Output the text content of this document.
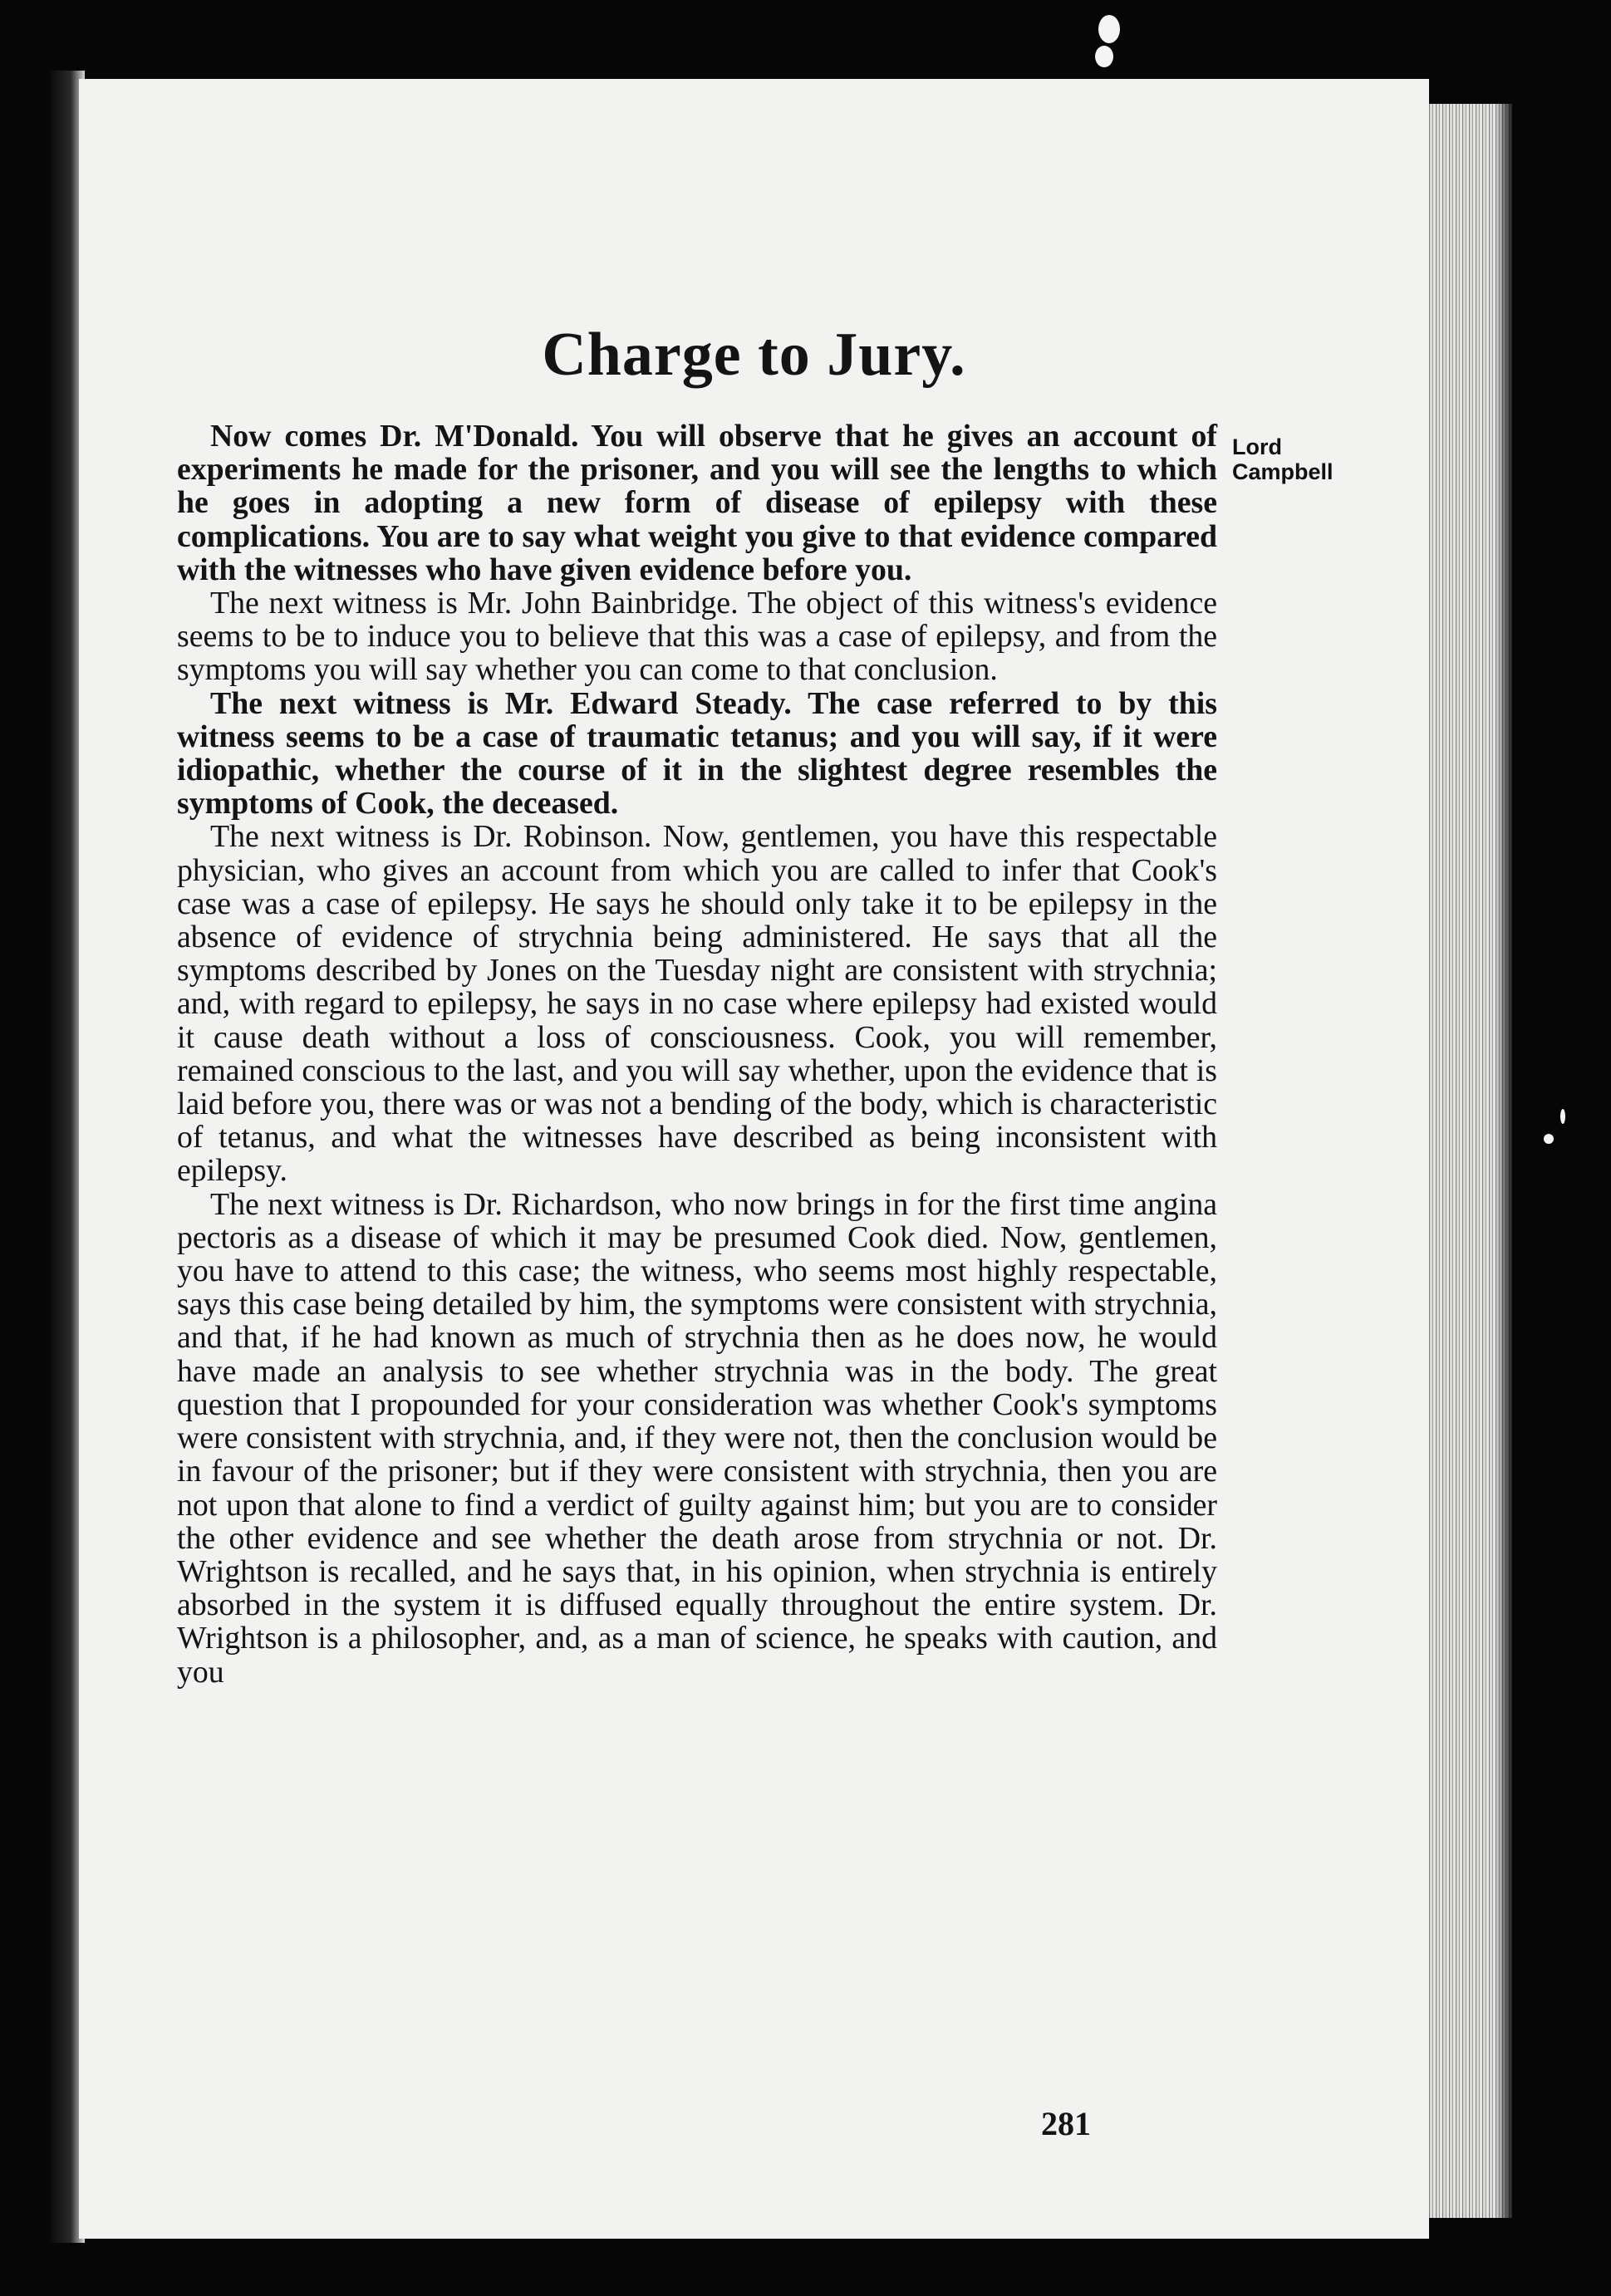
Charge to Jury.
Lord
Campbell

Now comes Dr. M'Donald. You will observe that he gives an account of experiments he made for the prisoner, and you will see the lengths to which he goes in adopting a new form of disease of epilepsy with these complications. You are to say what weight you give to that evidence compared with the witnesses who have given evidence before you.

The next witness is Mr. John Bainbridge. The object of this witness's evidence seems to be to induce you to believe that this was a case of epilepsy, and from the symptoms you will say whether you can come to that conclusion.

The next witness is Mr. Edward Steady. The case referred to by this witness seems to be a case of traumatic tetanus; and you will say, if it were idiopathic, whether the course of it in the slightest degree resembles the symptoms of Cook, the deceased.

The next witness is Dr. Robinson. Now, gentlemen, you have this respectable physician, who gives an account from which you are called to infer that Cook's case was a case of epilepsy. He says he should only take it to be epilepsy in the absence of evidence of strychnia being administered. He says that all the symptoms described by Jones on the Tuesday night are consistent with strychnia; and, with regard to epilepsy, he says in no case where epilepsy had existed would it cause death without a loss of consciousness. Cook, you will remember, remained conscious to the last, and you will say whether, upon the evidence that is laid before you, there was or was not a bending of the body, which is characteristic of tetanus, and what the witnesses have described as being inconsistent with epilepsy.

The next witness is Dr. Richardson, who now brings in for the first time angina pectoris as a disease of which it may be presumed Cook died. Now, gentlemen, you have to attend to this case; the witness, who seems most highly respectable, says this case being detailed by him, the symptoms were consistent with strychnia, and that, if he had known as much of strychnia then as he does now, he would have made an analysis to see whether strychnia was in the body. The great question that I propounded for your consideration was whether Cook's symptoms were consistent with strychnia, and, if they were not, then the conclusion would be in favour of the prisoner; but if they were consistent with strychnia, then you are not upon that alone to find a verdict of guilty against him; but you are to consider the other evidence and see whether the death arose from strychnia or not. Dr. Wrightson is recalled, and he says that, in his opinion, when strychnia is entirely absorbed in the system it is diffused equally throughout the entire system. Dr. Wrightson is a philosopher, and, as a man of science, he speaks with caution, and you

281
